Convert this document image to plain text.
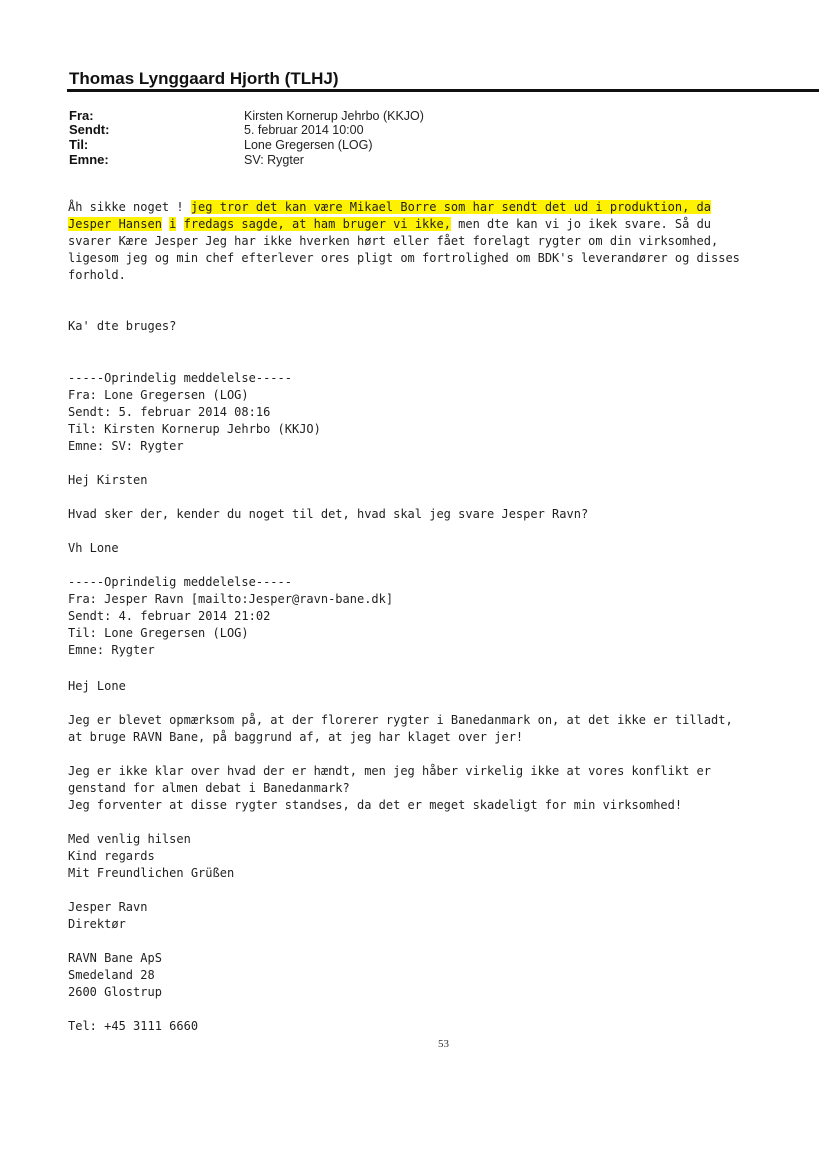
Thomas Lynggaard Hjorth (TLHJ)
Fra:	Kirsten Kornerup Jehrbo (KKJO)
Sendt:	5. februar 2014 10:00
Til:	Lone Gregersen (LOG)
Emne:	SV: Rygter
Åh sikke noget ! jeg tror det kan være Mikael Borre som har sendt det ud i produktion, da
Jesper Hansen i fredags sagde, at ham bruger vi ikke, men dte kan vi jo ikek svare. Så du
svarer Kære Jesper Jeg har ikke hverken hørt eller fået forelagt rygter om din virksomhed,
ligesom jeg og min chef efterlever ores pligt om fortrolighed om BDK's leverandører og disses
forhold.
Ka' dte bruges?
-----Oprindelig meddelelse-----
Fra: Lone Gregersen (LOG)
Sendt: 5. februar 2014 08:16
Til: Kirsten Kornerup Jehrbo (KKJO)
Emne: SV: Rygter
Hej Kirsten
Hvad sker der, kender du noget til det, hvad skal jeg svare Jesper Ravn?
Vh Lone
-----Oprindelig meddelelse-----
Fra: Jesper Ravn [mailto:Jesper@ravn-bane.dk]
Sendt: 4. februar 2014 21:02
Til: Lone Gregersen (LOG)
Emne: Rygter
Hej Lone
Jeg er blevet opmærksom på, at der florerer rygter i Banedanmark on, at det ikke er tilladt,
at bruge RAVN Bane, på baggrund af, at jeg har klaget over jer!
Jeg er ikke klar over hvad der er hændt, men jeg håber virkelig ikke at vores konflikt er
genstand for almen debat i Banedanmark?
Jeg forventer at disse rygter standses, da det er meget skadeligt for min virksomhed!
Med venlig hilsen
Kind regards
Mit Freundlichen Grüßen
Jesper Ravn
Direktør
RAVN Bane ApS
Smedeland 28
2600 Glostrup
Tel: +45 3111 6660
53
